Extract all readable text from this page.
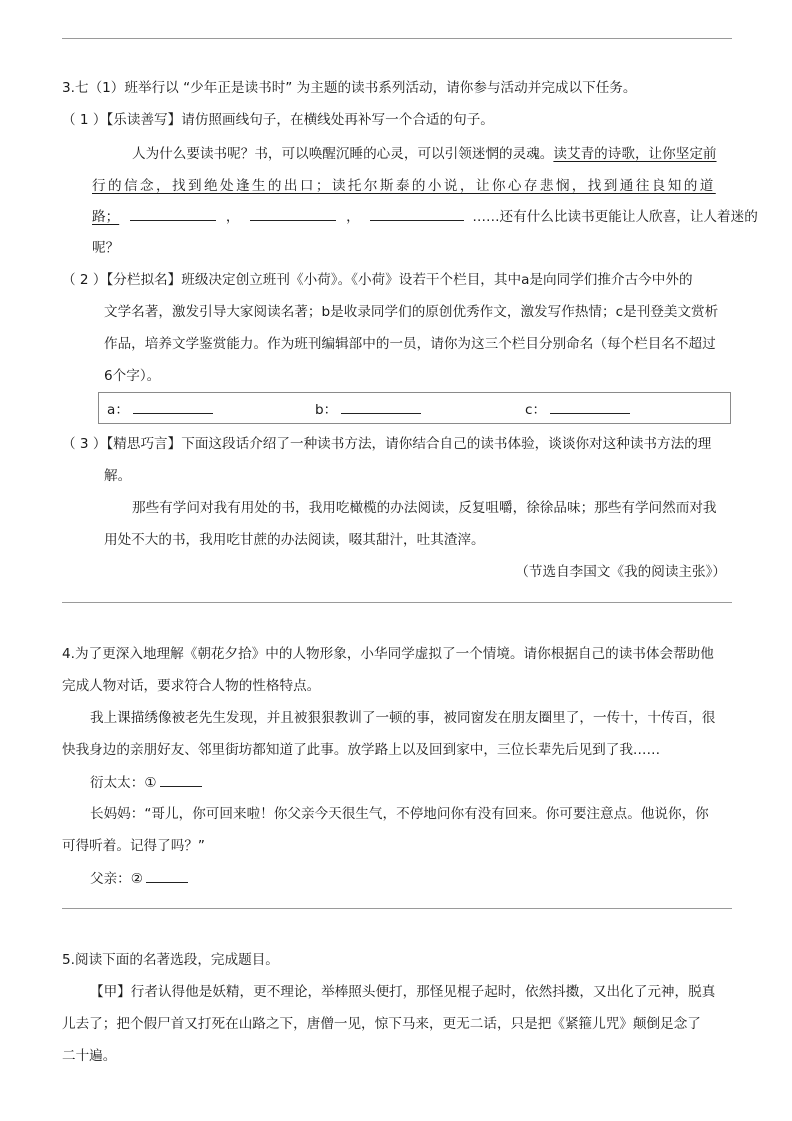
3.七（1）班举行以 “少年正是读书时” 为主题的读书系列活动，请你参与活动并完成以下任务。
（ 1 ）【乐读善写】请仿照画线句子，在横线处再补写一个合适的句子。
人为什么要读书呢？书，可以唤醒沉睡的心灵，可以引领迷惘的灵魂。读艾青的诗歌，让你坚定前
行的信念，找到绝处逢生的出口；读托尔斯泰的小说，让你心存悲悯，找到通往良知的道
路；	，	，	……还有什么比读书更能让人欣喜，让人着迷的
呢？
（ 2 ）【分栏拟名】班级决定创立班刊《小荷》。《小荷》设若干个栏目，其中a是向同学们推介古今中外的
文学名著，激发引导大家阅读名著；b是收录同学们的原创优秀作文，激发写作热情；c是刊登美文赏析
作品，培养文学鉴赏能力。作为班刊编辑部中的一员，请你为这三个栏目分别命名（每个栏目名不超过
6个字）。
a：	b：	c：
（ 3 ）【精思巧言】下面这段话介绍了一种读书方法，请你结合自己的读书体验，谈谈你对这种读书方法的理
解。
那些有学问对我有用处的书，我用吃橄榄的办法阅读，反复咀嚼，徐徐品味；那些有学问然而对我
用处不大的书，我用吃甘蔗的办法阅读，啜其甜汁，吐其渣滓。
（节选自李国文《我的阅读主张》）
4.为了更深入地理解《朝花夕拾》中的人物形象，小华同学虚拟了一个情境。请你根据自己的读书体会帮助他
完成人物对话，要求符合人物的性格特点。
我上课描绣像被老先生发现，并且被狠狠教训了一顿的事，被同窗发在朋友圈里了，一传十，十传百，很
快我身边的亲朋好友、邻里街坊都知道了此事。放学路上以及回到家中，三位长辈先后见到了我……
衍太太：①
长妈妈：“哥儿，你可回来啦！你父亲今天很生气，不停地问你有没有回来。你可要注意点。他说你，你
可得听着。记得了吗？”
父亲：②
5.阅读下面的名著选段，完成题目。
【甲】行者认得他是妖精，更不理论，举棒照头便打，那怪见棍子起时，依然抖擞，又出化了元神，脱真
儿去了；把个假尸首又打死在山路之下，唐僧一见，惊下马来，更无二话，只是把《紧箍儿咒》颠倒足念了
二十遍。
